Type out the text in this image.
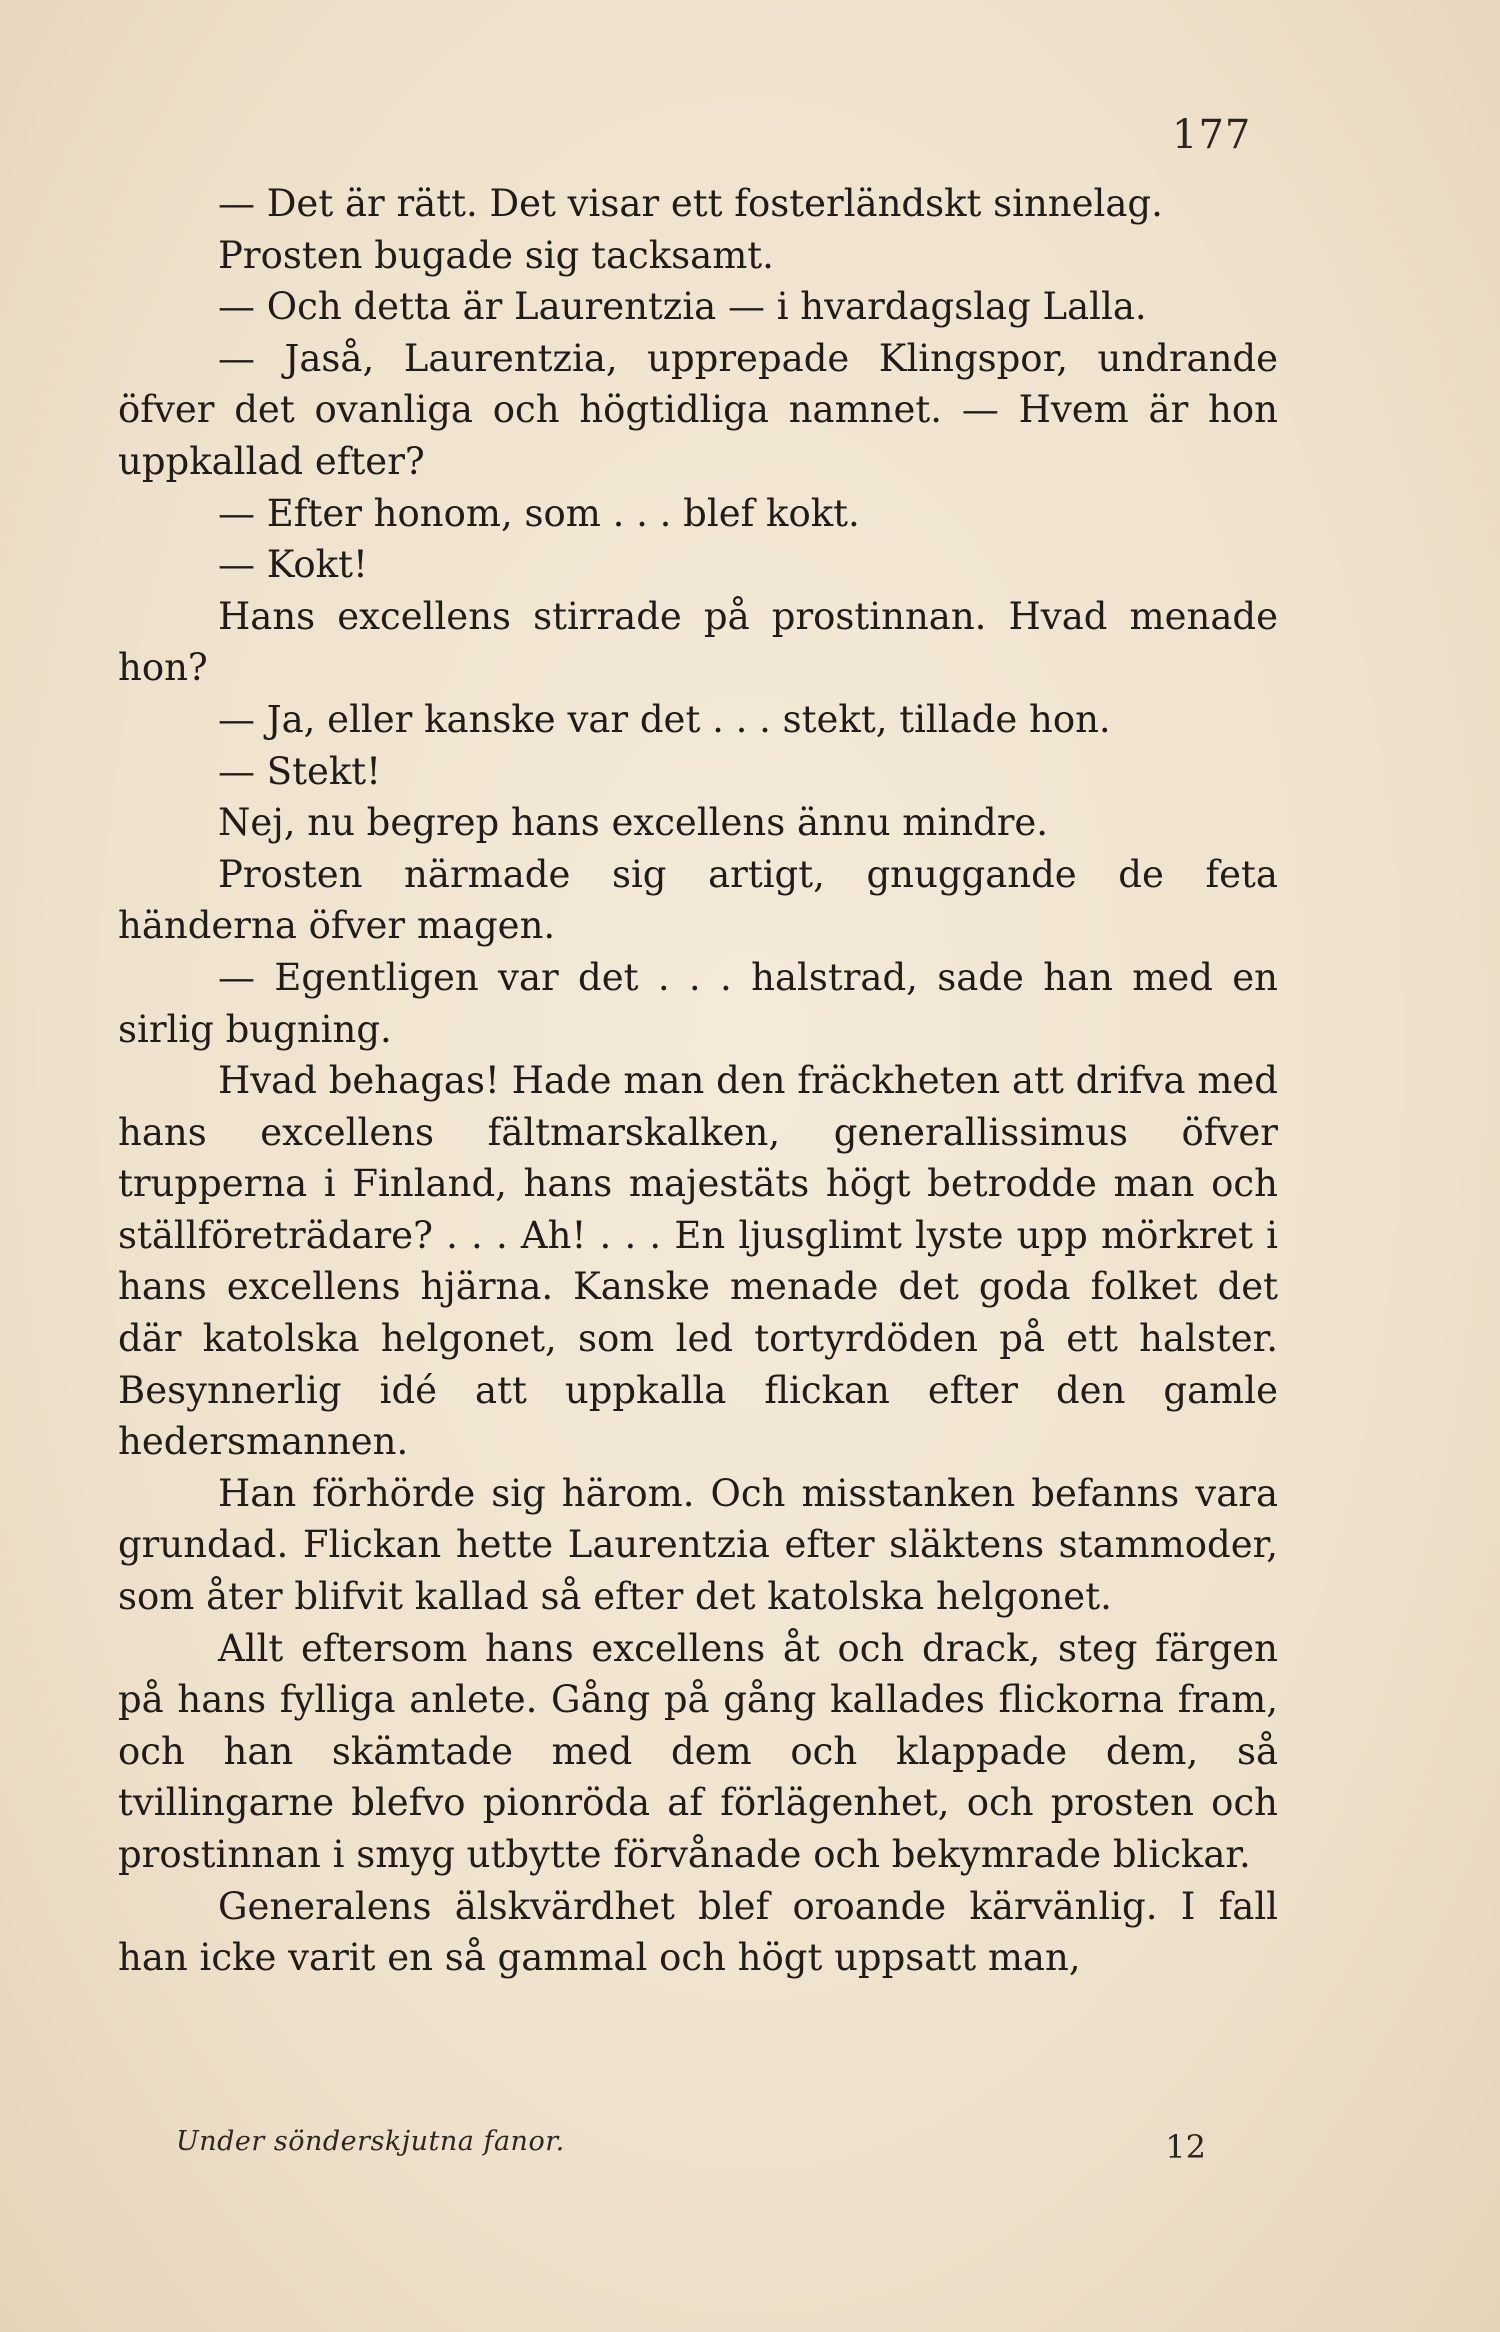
177

— Det är rätt. Det visar ett fosterländskt sinnelag.

Prosten bugade sig tacksamt.

— Och detta är Laurentzia — i hvardagslag Lalla.

— Jaså, Laurentzia, upprepade Klingspor, undrande öfver det ovanliga och högtidliga namnet. — Hvem är hon uppkallad efter?

— Efter honom, som . . . blef kokt.

— Kokt!

Hans excellens stirrade på prostinnan. Hvad menade hon?

— Ja, eller kanske var det . . . stekt, tillade hon.

— Stekt!

Nej, nu begrep hans excellens ännu mindre.

Prosten närmade sig artigt, gnuggande de feta händerna öfver magen.

— Egentligen var det . . . halstrad, sade han med en sirlig bugning.

Hvad behagas! Hade man den fräckheten att drifva med hans excellens fältmarskalken, generallissimus öfver trupperna i Finland, hans majestäts högt betrodde man och ställföreträdare? . . . Ah! . . . En ljusglimt lyste upp mörkret i hans excellens hjärna. Kanske menade det goda folket det där katolska helgonet, som led tortyrdöden på ett halster. Besynnerlig idé att uppkalla flickan efter den gamle hedersmannen.

Han förhörde sig härom. Och misstanken befanns vara grundad. Flickan hette Laurentzia efter släktens stammoder, som åter blifvit kallad så efter det katolska helgonet.

Allt eftersom hans excellens åt och drack, steg färgen på hans fylliga anlete. Gång på gång kallades flickorna fram, och han skämtade med dem och klappade dem, så tvillingarne blefvo pionröda af förlägenhet, och prosten och prostinnan i smyg utbytte förvånade och bekymrade blickar.

Generalens älskvärdhet blef oroande kärvänlig. I fall han icke varit en så gammal och högt uppsatt man,

Under sönderskjutna fanor.	12
